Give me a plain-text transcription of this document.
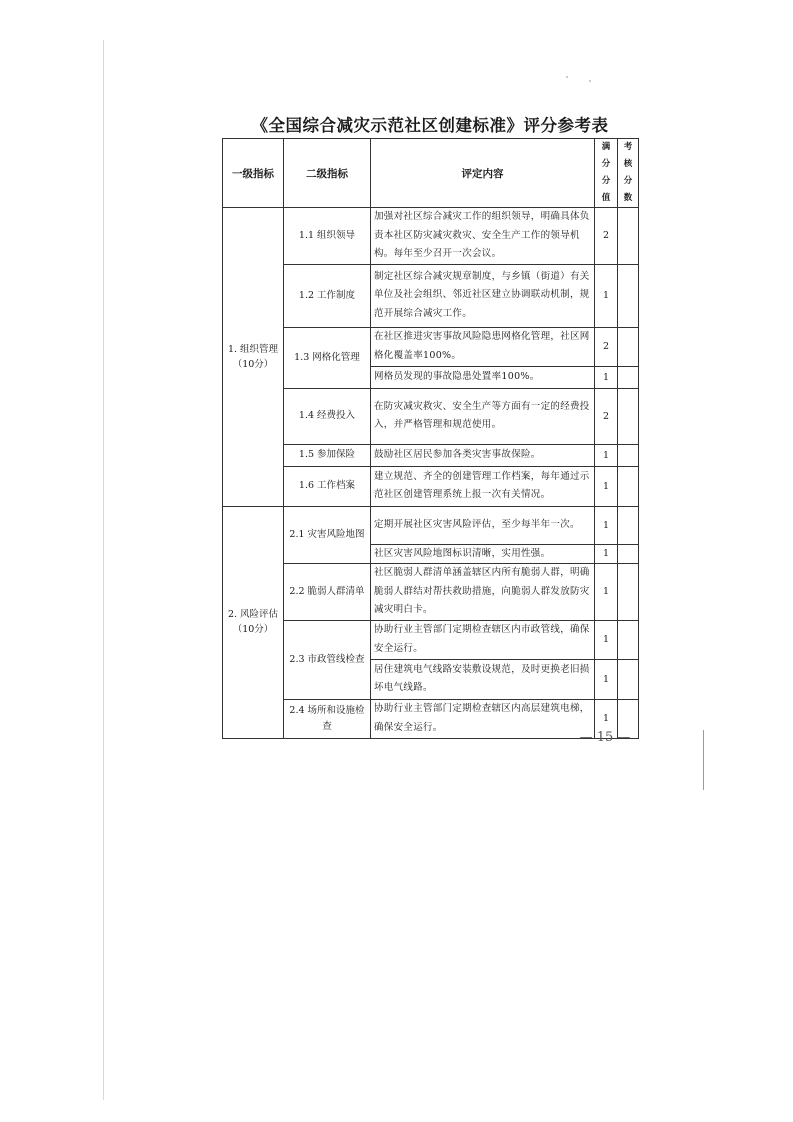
《全国综合减灾示范社区创建标准》评分参考表
一级指标	二级指标	评定内容	满分分值	考核分数
1. 组织管理（10分）	1.1 组织领导	加强对社区综合减灾工作的组织领导，明确具体负责本社区防灾减灾救灾、安全生产工作的领导机构。每年至少召开一次会议。	2	
	1.2 工作制度	制定社区综合减灾规章制度，与乡镇（街道）有关单位及社会组织、邻近社区建立协调联动机制，规范开展综合减灾工作。	1	
	1.3 网格化管理	在社区推进灾害事故风险隐患网格化管理，社区网格化覆盖率100%。	2	
		网格员发现的事故隐患处置率100%。	1	
	1.4 经费投入	在防灾减灾救灾、安全生产等方面有一定的经费投入，并严格管理和规范使用。	2	
	1.5 参加保险	鼓励社区居民参加各类灾害事故保险。	1	
	1.6 工作档案	建立规范、齐全的创建管理工作档案，每年通过示范社区创建管理系统上报一次有关情况。	1	
2. 风险评估（10分）	2.1 灾害风险地图	定期开展社区灾害风险评估，至少每半年一次。	1	
		社区灾害风险地图标识清晰，实用性强。	1	
	2.2 脆弱人群清单	社区脆弱人群清单涵盖辖区内所有脆弱人群，明确脆弱人群结对帮扶救助措施，向脆弱人群发放防灾减灾明白卡。	1	
	2.3 市政管线检查	协助行业主管部门定期检查辖区内市政管线，确保安全运行。	1	
		居住建筑电气线路安装敷设规范，及时更换老旧损坏电气线路。	1	
	2.4 场所和设施检查	协助行业主管部门定期检查辖区内高层建筑电梯，确保安全运行。	1	
— 15 —
